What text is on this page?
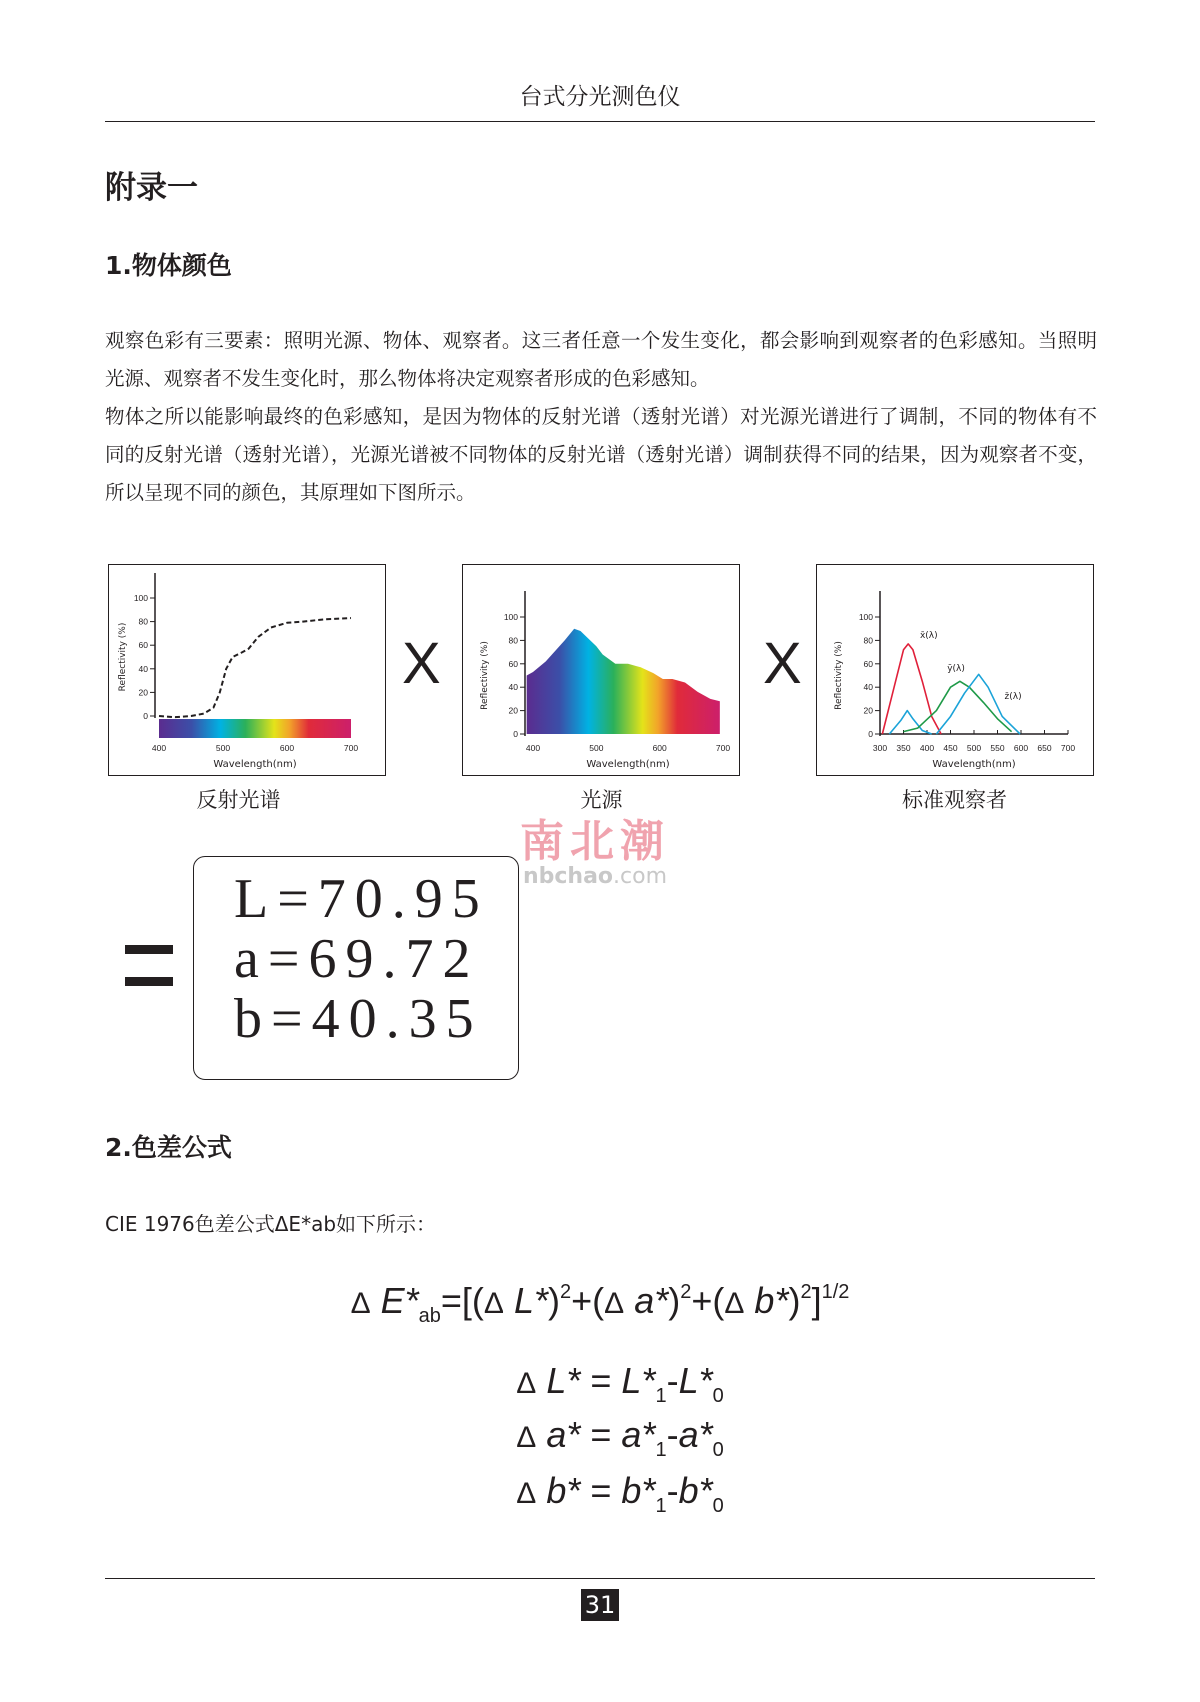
台式分光测色仪
附录一
1.物体颜色

观察色彩有三要素：照明光源、物体、观察者。这三者任意一个发生变化，都会影响到观察者的色彩感知。当照明光源、观察者不发生变化时，那么物体将决定观察者形成的色彩感知。

物体之所以能影响最终的色彩感知，是因为物体的反射光谱（透射光谱）对光源光谱进行了调制，不同的物体有不同的反射光谱（透射光谱），光源光谱被不同物体的反射光谱（透射光谱）调制获得不同的结果，因为观察者不变，所以呈现不同的颜色，其原理如下图所示。

0
20
40
60
80
100
400	500	600	700
Wavelength(nm)
Reflectivity (%)	X
0
20
40
60
80
100
400	500	600	700
Wavelength(nm)
Reflectivity (%)	X
0
20
40
60
80
100
300 350 400 450 500 550 600 650 700
Wavelength(nm)
Reflectivity (%)
x̄(λ)
ȳ(λ)
z̄(λ)
反射光谱	光源	标准观察者
南北潮
nbchao.com
L=70.95
a=69.72
b=40.35
2.色差公式
CIE 1976色差公式ΔE*ab如下所示：
Δ $E*_{ab}=[(\Delta$ L*)$^2$+(Δ a*)$^2$+(Δ b*)$^2$]$^{1/2}$
Δ $L* = L*_1-L*_0$
Δ $a* = a*_1-a*_0$
Δ $b* = b*_1-b*_0$
31
